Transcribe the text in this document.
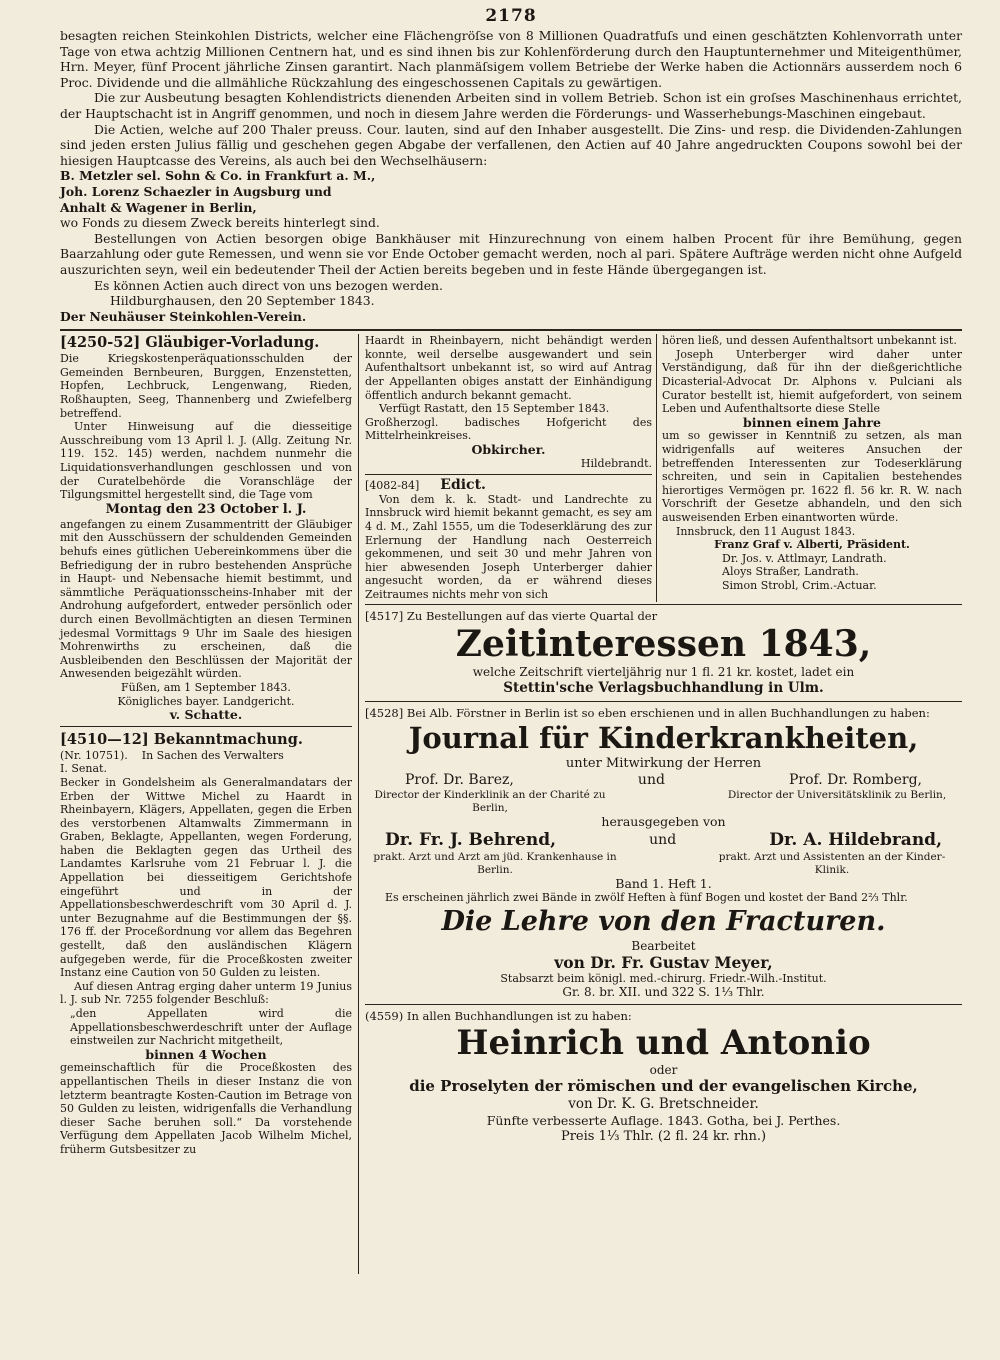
2178

besagten reichen Steinkohlen Districts, welcher eine Flächengröſse von 8 Millionen Quadratfuſs und einen geschätzten Kohlenvorrath unter Tage von etwa achtzig Millionen Centnern hat, und es sind ihnen bis zur Kohlenförderung durch den Hauptunternehmer und Miteigenthümer, Hrn. Meyer, fünf Procent jährliche Zinsen garantirt. Nach planmäſsigem vollem Betriebe der Werke haben die Actionnärs ausserdem noch 6 Proc. Dividende und die allmähliche Rückzahlung des eingeschossenen Capitals zu gewärtigen.

Die zur Ausbeutung besagten Kohlendistricts dienenden Arbeiten sind in vollem Betrieb. Schon ist ein groſses Maschinenhaus errichtet, der Hauptschacht ist in Angriff genommen, und noch in diesem Jahre werden die Förderungs- und Wasserhebungs-Maschinen eingebaut.

Die Actien, welche auf 200 Thaler preuss. Cour. lauten, sind auf den Inhaber ausgestellt. Die Zins- und resp. die Dividenden-Zahlungen sind jeden ersten Julius fällig und geschehen gegen Abgabe der verfallenen, den Actien auf 40 Jahre angedruckten Coupons sowohl bei der hiesigen Hauptcasse des Vereins, als auch bei den Wechselhäusern:

B. Metzler sel. Sohn & Co. in Frankfurt a. M.,

Joh. Lorenz Schaezler in Augsburg und

Anhalt & Wagener in Berlin,

wo Fonds zu diesem Zweck bereits hinterlegt sind.

Bestellungen von Actien besorgen obige Bankhäuser mit Hinzurechnung von einem halben Procent für ihre Bemühung, gegen Baarzahlung oder gute Remessen, und wenn sie vor Ende October gemacht werden, noch al pari. Spätere Aufträge werden nicht ohne Aufgeld auszurichten seyn, weil ein bedeutender Theil der Actien bereits begeben und in feste Hände übergegangen ist.

Es können Actien auch direct von uns bezogen werden.

Hildburghausen, den 20 September 1843.

Der Neuhäuser Steinkohlen-Verein.

[4250-52] Gläubiger-Vorladung.

Die Kriegskostenperäquationsschulden der Gemeinden Bernbeuren, Burggen, Enzenstetten, Hopfen, Lechbruck, Lengenwang, Rieden, Roßhaupten, Seeg, Thannenberg und Zwiefelberg betreffend.

Unter Hinweisung auf die diesseitige Ausschreibung vom 13 April l. J. (Allg. Zeitung Nr. 119. 152. 145) werden, nachdem nunmehr die Liquidationsverhandlungen geschlossen und von der Curatelbehörde die Voranschläge der Tilgungsmittel hergestellt sind, die Tage vom

Montag den 23 October l. J.

angefangen zu einem Zusammentritt der Gläubiger mit den Ausschüssern der schuldenden Gemeinden behufs eines gütlichen Uebereinkommens über die Befriedigung der in rubro bestehenden Ansprüche in Haupt- und Nebensache hiemit bestimmt, und sämmtliche Peräquationsscheins-Inhaber mit der Androhung aufgefordert, entweder persönlich oder durch einen Bevollmächtigten an diesen Terminen jedesmal Vormittags 9 Uhr im Saale des hiesigen Mohrenwirths zu erscheinen, daß die Ausbleibenden den Beschlüssen der Majorität der Anwesenden beigezählt würden.

Füßen, am 1 September 1843.

Königliches bayer. Landgericht.

v. Schatte.

[4510—12] Bekanntmachung.

(Nr. 10751). In Sachen des Verwalters

I. Senat.

Becker in Gondelsheim als Generalmandatars der Erben der Wittwe Michel zu Haardt in Rheinbayern, Klägers, Appellaten, gegen die Erben des verstorbenen Altamwalts Zimmermann in Graben, Beklagte, Appellanten, wegen Forderung, haben die Beklagten gegen das Urtheil des Landamtes Karlsruhe vom 21 Februar l. J. die Appellation bei diesseitigem Gerichtshofe eingeführt und in der Appellationsbeschwerdeschrift vom 30 April d. J. unter Bezugnahme auf die Bestimmungen der §§. 176 ff. der Proceßordnung vor allem das Begehren gestellt, daß den ausländischen Klägern aufgegeben werde, für die Proceßkosten zweiter Instanz eine Caution von 50 Gulden zu leisten.

Auf diesen Antrag erging daher unterm 19 Junius l. J. sub Nr. 7255 folgender Beschluß:

„den Appellaten wird die Appellationsbeschwerdeschrift unter der Auflage einstweilen zur Nachricht mitgetheilt,

binnen 4 Wochen

gemeinschaftlich für die Proceßkosten des appellantischen Theils in dieser Instanz die von letzterm beantragte Kosten-Caution im Betrage von 50 Gulden zu leisten, widrigenfalls die Verhandlung dieser Sache beruhen soll.“ Da vorstehende Verfügung dem Appellaten Jacob Wilhelm Michel, früherm Gutsbesitzer zu

Haardt in Rheinbayern, nicht behändigt werden konnte, weil derselbe ausgewandert und sein Aufenthaltsort unbekannt ist, so wird auf Antrag der Appellanten obiges anstatt der Einhändigung öffentlich andurch bekannt gemacht.

Verfügt Rastatt, den 15 September 1843.

Großherzogl. badisches Hofgericht des Mittelrheinkreises.

Obkircher.

Hildebrandt.

[4082-84] Edict.

Von dem k. k. Stadt- und Landrechte zu Innsbruck wird hiemit bekannt gemacht, es sey am 4 d. M., Zahl 1555, um die Todeserklärung des zur Erlernung der Handlung nach Oesterreich gekommenen, und seit 30 und mehr Jahren von hier abwesenden Joseph Unterberger dahier angesucht worden, da er während dieses Zeitraumes nichts mehr von sich

hören ließ, und dessen Aufenthaltsort unbekannt ist.

Joseph Unterberger wird daher unter Verständigung, daß für ihn der dießgerichtliche Dicasterial-Advocat Dr. Alphons v. Pulciani als Curator bestellt ist, hiemit aufgefordert, von seinem Leben und Aufenthaltsorte diese Stelle

binnen einem Jahre

um so gewisser in Kenntniß zu setzen, als man widrigenfalls auf weiteres Ansuchen der betreffenden Interessenten zur Todeserklärung schreiten, und sein in Capitalien bestehendes hierortiges Vermögen pr. 1622 fl. 56 kr. R. W. nach Vorschrift der Gesetze abhandeln, und den sich ausweisenden Erben einantworten würde.

Innsbruck, den 11 August 1843.

Franz Graf v. Alberti, Präsident.

Dr. Jos. v. Attlmayr, Landrath.

Aloys Straßer, Landrath.

Simon Strobl, Crim.-Actuar.

[4517] Zu Bestellungen auf das vierte Quartal der

Zeitinteressen 1843,

welche Zeitschrift vierteljährig nur 1 fl. 21 kr. kostet, ladet ein

Stettin'sche Verlagsbuchhandlung in Ulm.

[4528] Bei Alb. Förstner in Berlin ist so eben erschienen und in allen Buchhandlungen zu haben:

Journal für Kinderkrankheiten,

unter Mitwirkung der Herren

Prof. Dr. Barez,	und	Prof. Dr. Romberg,
Director der Kinderklinik an der Charité zu Berlin,
Director der Universitätsklinik zu Berlin,

herausgegeben von

Dr. Fr. J. Behrend,	und	Dr. A. Hildebrand,
prakt. Arzt und Arzt am jüd. Krankenhause in Berlin.
prakt. Arzt und Assistenten an der Kinder-Klinik.

Band 1. Heft 1.

Es erscheinen jährlich zwei Bände in zwölf Heften à fünf Bogen und kostet der Band 2⅔ Thlr.

Die Lehre von den Fracturen.

Bearbeitet

von Dr. Fr. Gustav Meyer,

Stabsarzt beim königl. med.-chirurg. Friedr.-Wilh.-Institut.

Gr. 8. br. XII. und 322 S. 1⅓ Thlr.

(4559) In allen Buchhandlungen ist zu haben:

Heinrich und Antonio

oder

die Proselyten der römischen und der evangelischen Kirche,

von Dr. K. G. Bretschneider.

Fünfte verbesserte Auflage. 1843. Gotha, bei J. Perthes.

Preis 1⅓ Thlr. (2 fl. 24 kr. rhn.)
